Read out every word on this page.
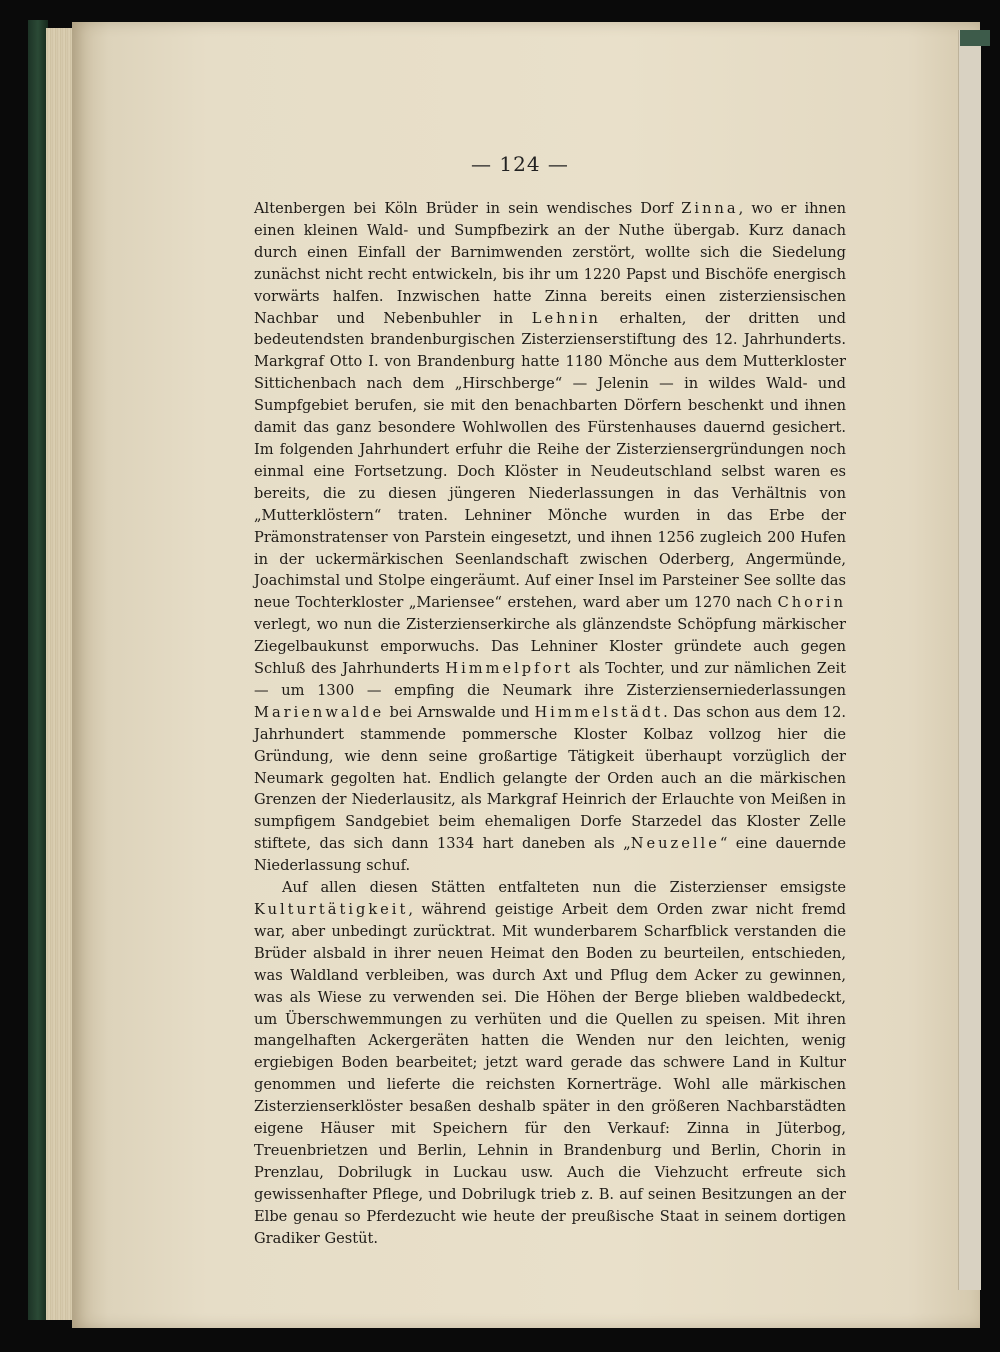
— 124 —

Altenbergen bei Köln Brüder in sein wendisches Dorf Zinna, wo er ihnen einen kleinen Wald- und Sumpfbezirk an der Nuthe übergab. Kurz danach durch einen Einfall der Barnimwenden zerstört, wollte sich die Siedelung zunächst nicht recht entwickeln, bis ihr um 1220 Papst und Bischöfe energisch vorwärts halfen. Inzwischen hatte Zinna bereits einen zisterziensischen Nachbar und Nebenbuhler in Lehnin erhalten, der dritten und bedeutendsten brandenburgischen Zisterzienserstiftung des 12. Jahrhunderts. Markgraf Otto I. von Brandenburg hatte 1180 Mönche aus dem Mutterkloster Sittichenbach nach dem „Hirschberge“ — Jelenin — in wildes Wald- und Sumpfgebiet berufen, sie mit den benachbarten Dörfern beschenkt und ihnen damit das ganz besondere Wohlwollen des Fürstenhauses dauernd gesichert. Im folgenden Jahrhundert erfuhr die Reihe der Zisterziensergründungen noch einmal eine Fortsetzung. Doch Klöster in Neudeutschland selbst waren es bereits, die zu diesen jüngeren Niederlassungen in das Verhältnis von „Mutterklöstern“ traten. Lehniner Mönche wurden in das Erbe der Prämonstratenser von Parstein eingesetzt, und ihnen 1256 zugleich 200 Hufen in der uckermärkischen Seenlandschaft zwischen Oderberg, Angermünde, Joachimstal und Stolpe eingeräumt. Auf einer Insel im Parsteiner See sollte das neue Tochterkloster „Mariensee“ erstehen, ward aber um 1270 nach Chorin verlegt, wo nun die Zisterzienserkirche als glänzendste Schöpfung märkischer Ziegelbaukunst emporwuchs. Das Lehniner Kloster gründete auch gegen Schluß des Jahrhunderts Himmelpfort als Tochter, und zur nämlichen Zeit — um 1300 — empfing die Neumark ihre Zisterzienserniederlassungen Marienwalde bei Arnswalde und Himmelstädt. Das schon aus dem 12. Jahrhundert stammende pommersche Kloster Kolbaz vollzog hier die Gründung, wie denn seine großartige Tätigkeit überhaupt vorzüglich der Neumark gegolten hat. Endlich gelangte der Orden auch an die märkischen Grenzen der Niederlausitz, als Markgraf Heinrich der Erlauchte von Meißen in sumpfigem Sandgebiet beim ehemaligen Dorfe Starzedel das Kloster Zelle stiftete, das sich dann 1334 hart daneben als „Neuzelle“ eine dauernde Niederlassung schuf.

Auf allen diesen Stätten entfalteten nun die Zisterzienser emsigste Kulturtätigkeit, während geistige Arbeit dem Orden zwar nicht fremd war, aber unbedingt zurücktrat. Mit wunderbarem Scharfblick verstanden die Brüder alsbald in ihrer neuen Heimat den Boden zu beurteilen, entschieden, was Waldland verbleiben, was durch Axt und Pflug dem Acker zu gewinnen, was als Wiese zu verwenden sei. Die Höhen der Berge blieben waldbedeckt, um Überschwemmungen zu verhüten und die Quellen zu speisen. Mit ihren mangelhaften Ackergeräten hatten die Wenden nur den leichten, wenig ergiebigen Boden bearbeitet; jetzt ward gerade das schwere Land in Kultur genommen und lieferte die reichsten Kornerträge. Wohl alle märkischen Zisterzienserklöster besaßen deshalb später in den größeren Nachbarstädten eigene Häuser mit Speichern für den Verkauf: Zinna in Jüterbog, Treuenbrietzen und Berlin, Lehnin in Brandenburg und Berlin, Chorin in Prenzlau, Dobrilugk in Luckau usw. Auch die Viehzucht erfreute sich gewissenhafter Pflege, und Dobrilugk trieb z. B. auf seinen Besitzungen an der Elbe genau so Pferdezucht wie heute der preußische Staat in seinem dortigen Gradiker Gestüt.
